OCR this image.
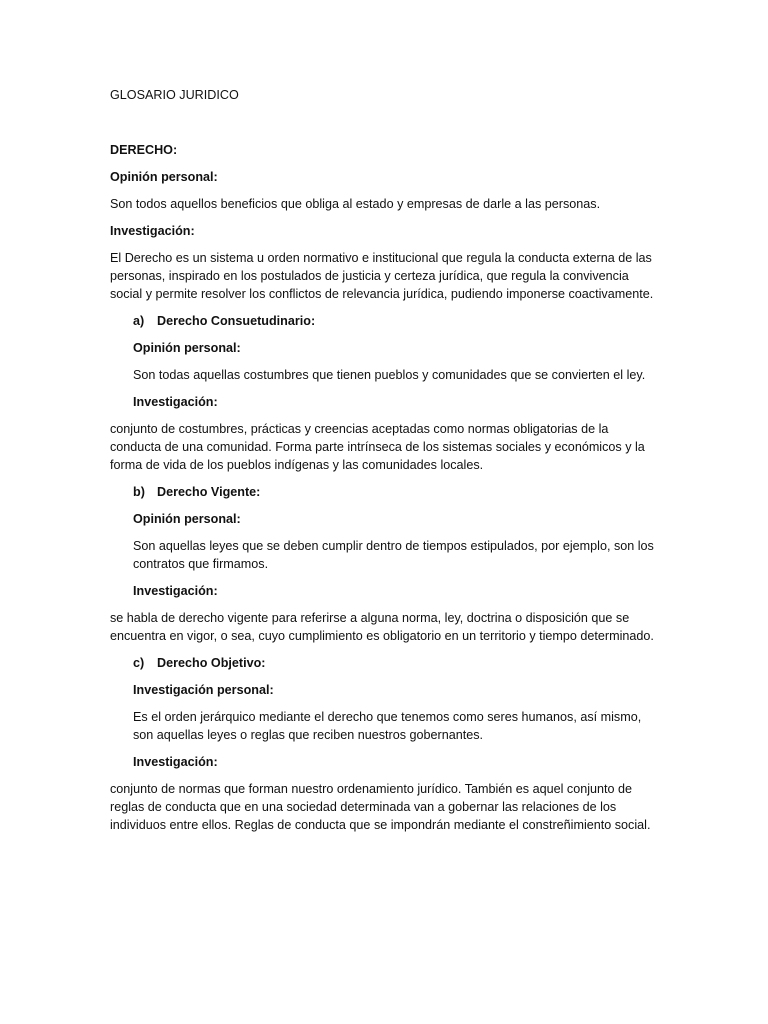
GLOSARIO JURIDICO
DERECHO:
Opinión personal:
Son todos aquellos beneficios que obliga al estado y empresas de darle a las personas.
Investigación:
El Derecho es un sistema u orden normativo e institucional que regula la conducta externa de las personas, inspirado en los postulados de justicia y certeza jurídica, que regula la convivencia social y permite resolver los conflictos de relevancia jurídica, pudiendo imponerse coactivamente.
a)	Derecho Consuetudinario:
Opinión personal:
Son todas aquellas costumbres que tienen pueblos y comunidades que se convierten el ley.
Investigación:
conjunto de costumbres, prácticas y creencias aceptadas como normas obligatorias de la conducta de una comunidad. Forma parte intrínseca de los sistemas sociales y económicos y la forma de vida de los pueblos indígenas y las comunidades locales.
b) Derecho Vigente:
Opinión personal:
Son aquellas leyes que se deben cumplir dentro de tiempos estipulados, por ejemplo, son los contratos que firmamos.
Investigación:
se habla de derecho vigente para referirse a alguna norma, ley, doctrina o disposición que se encuentra en vigor, o sea, cuyo cumplimiento es obligatorio en un territorio y tiempo determinado.
c)	Derecho Objetivo:
Investigación personal:
Es el orden jerárquico mediante el derecho que tenemos como seres humanos, así mismo, son aquellas leyes o reglas que reciben nuestros gobernantes.
Investigación:
conjunto de normas que forman nuestro ordenamiento jurídico. También es aquel conjunto de reglas de conducta que en una sociedad determinada van a gobernar las relaciones de los individuos entre ellos. Reglas de conducta que se impondrán mediante el constreñimiento social.
